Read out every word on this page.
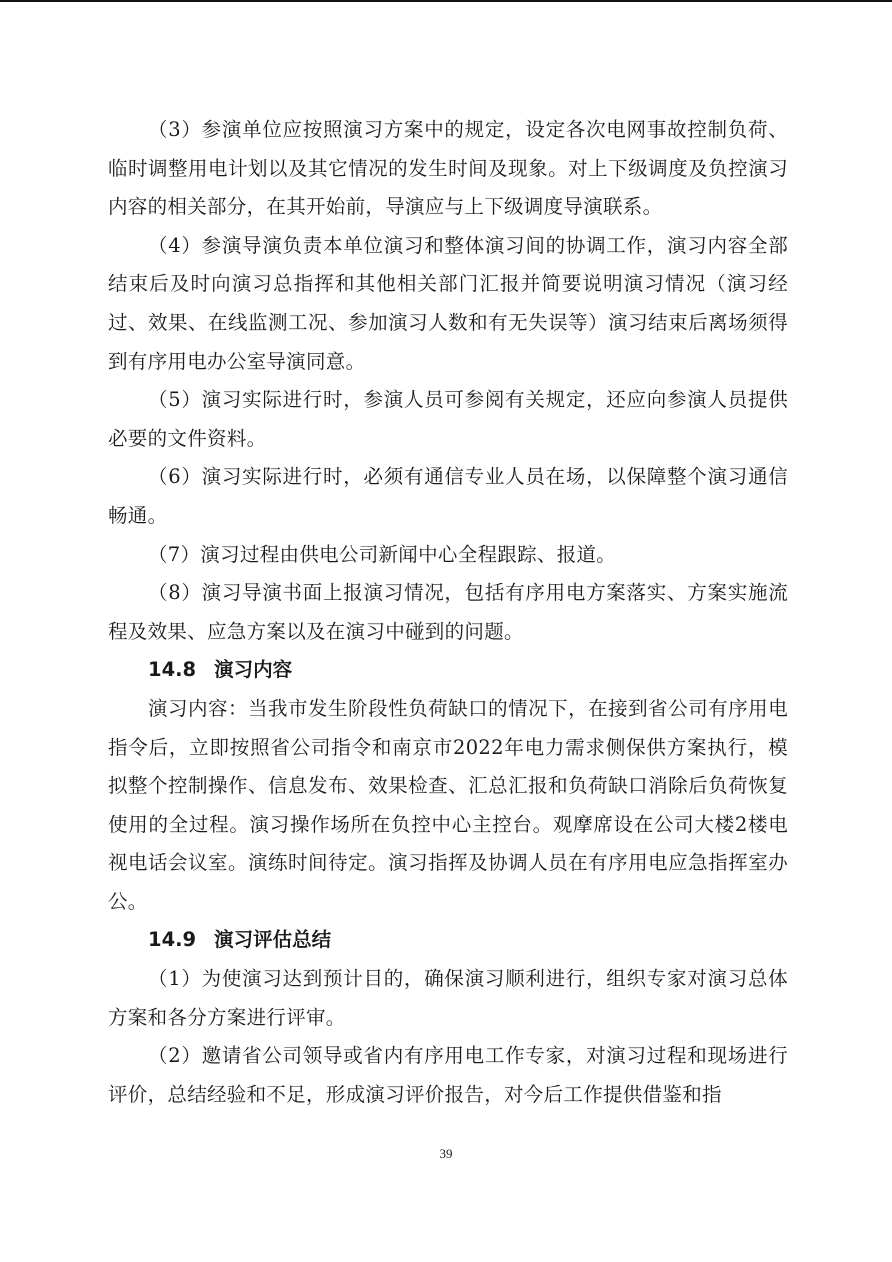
（3）参演单位应按照演习方案中的规定，设定各次电网事故控制负荷、临时调整用电计划以及其它情况的发生时间及现象。对上下级调度及负控演习内容的相关部分，在其开始前，导演应与上下级调度导演联系。

（4）参演导演负责本单位演习和整体演习间的协调工作，演习内容全部结束后及时向演习总指挥和其他相关部门汇报并简要说明演习情况（演习经过、效果、在线监测工况、参加演习人数和有无失误等）演习结束后离场须得到有序用电办公室导演同意。

（5）演习实际进行时，参演人员可参阅有关规定，还应向参演人员提供必要的文件资料。

（6）演习实际进行时，必须有通信专业人员在场，以保障整个演习通信畅通。

（7）演习过程由供电公司新闻中心全程跟踪、报道。

（8）演习导演书面上报演习情况，包括有序用电方案落实、方案实施流程及效果、应急方案以及在演习中碰到的问题。

14.8 演习内容

演习内容：当我市发生阶段性负荷缺口的情况下，在接到省公司有序用电指令后，立即按照省公司指令和南京市2022年电力需求侧保供方案执行，模拟整个控制操作、信息发布、效果检查、汇总汇报和负荷缺口消除后负荷恢复使用的全过程。演习操作场所在负控中心主控台。观摩席设在公司大楼2楼电视电话会议室。演练时间待定。演习指挥及协调人员在有序用电应急指挥室办公。

14.9 演习评估总结

（1）为使演习达到预计目的，确保演习顺利进行，组织专家对演习总体方案和各分方案进行评审。

（2）邀请省公司领导或省内有序用电工作专家，对演习过程和现场进行评价，总结经验和不足，形成演习评价报告，对今后工作提供借鉴和指

39
